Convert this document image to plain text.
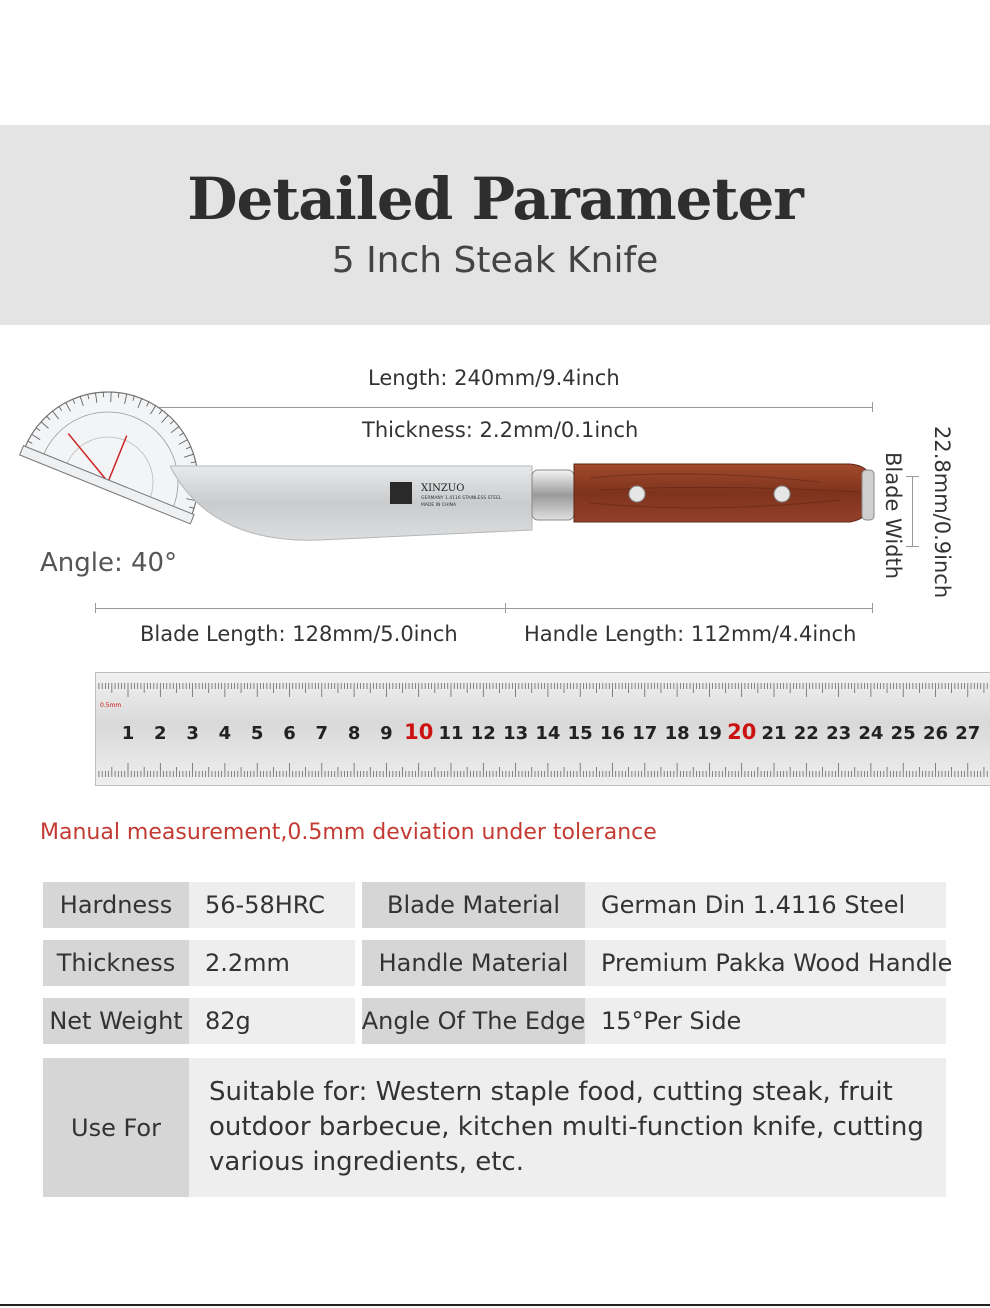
Detailed Parameter
5 Inch Steak Knife
Length: 240mm/9.4inch
Thickness: 2.2mm/0.1inch	22.8mm/0.9inch
Blade Width
Angle: 40°
Blade Length: 128mm/5.0inch	Handle Length: 112mm/4.4inch
XINZUO
GERMANY 1.4116 STAINLESS STEEL
MADE IN CHINA
0.5mm
1 2 3 4 5 6 7 8 9 10 11 12 13 14 15 16 17 18 19 20 21 22 23 24 25 26 27
Manual measurement,0.5mm deviation under tolerance
Hardness	56-58HRC	Blade Material	German Din 1.4116 Steel
Thickness	2.2mm	Handle Material	Premium Pakka Wood Handle
Net Weight 82g	Angle Of The Edge 15°Per Side
Use For
Suitable for: Western staple food, cutting steak, fruit outdoor barbecue, kitchen multi-function knife, cutting various ingredients, etc.
